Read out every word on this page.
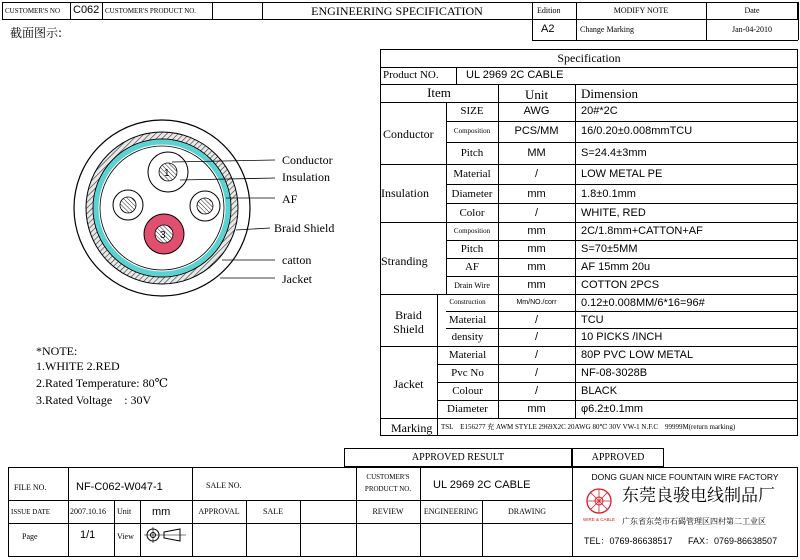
CUSTOMER'S NO C062 CUSTOMER'S PRODUCT NO.	ENGINEERING SPECIFICATION	Edition
A2
MODIFY NOTE
Change Marking
Date
Jan-04-2010
截面图示:
1
3
Conductor
Insulation
AF
Braid Shield
catton
Jacket
*NOTE:
1.WHITE 2.RED
2.Rated Temperature: 80℃
3.Rated Voltage    : 30V
Specification
Product NO. UL 2969 2C CABLE
Item	Unit	Dimension
Conductor
SIZE	AWG	20#*2C
Composition	PCS/MM	16/0.20±0.008mmTCU
Pitch	MM	S=24.4±3mm
Insulation
Material	/	LOW METAL PE
Diameter	mm	1.8±0.1mm
Color	/	WHITE, RED
Stranding
Composition	mm	2C/1.8mm+CATTON+AF
Pitch	mm	S=70±5MM
AF	mm	AF 15mm 20u
Drain Wire	mm	COTTON 2PCS
Braid
Shield
Construction	Mm/NO./corr	0.12±0.008MM/6*16=96#
Material	/	TCU
density	/	10 PICKS /INCH
Jacket
Material	/	80P PVC LOW METAL
Pvc No	/	NF-08-3028B
Colour	/	BLACK
Diameter	mm	φ6.2±0.1mm
Marking TSL    E156277 充 AWM STYLE 2969X2C 20AWG 80℃ 30V VW-1 N.F.C    99999M(return marking)
APPROVED RESULT	APPROVED
FILE NO.	NF-C062-W047-1	SALE NO.
CUSTOMER'S
PRODUCT NO.	UL 2969 2C CABLE
ISSUE DATE 2007.10.16 Unit mm	APPROVAL	SALE	REVIEW	ENGINEERING	DRAWING
Page	1/1	View
DONG GUAN NICE FOUNTAIN WIRE FACTORY
WIRE & CABLE
东莞良骏电线制品厂
广东省东莞市石碣管理区四村第二工业区
TEL：0769-86638517 FAX：0769-86638507
